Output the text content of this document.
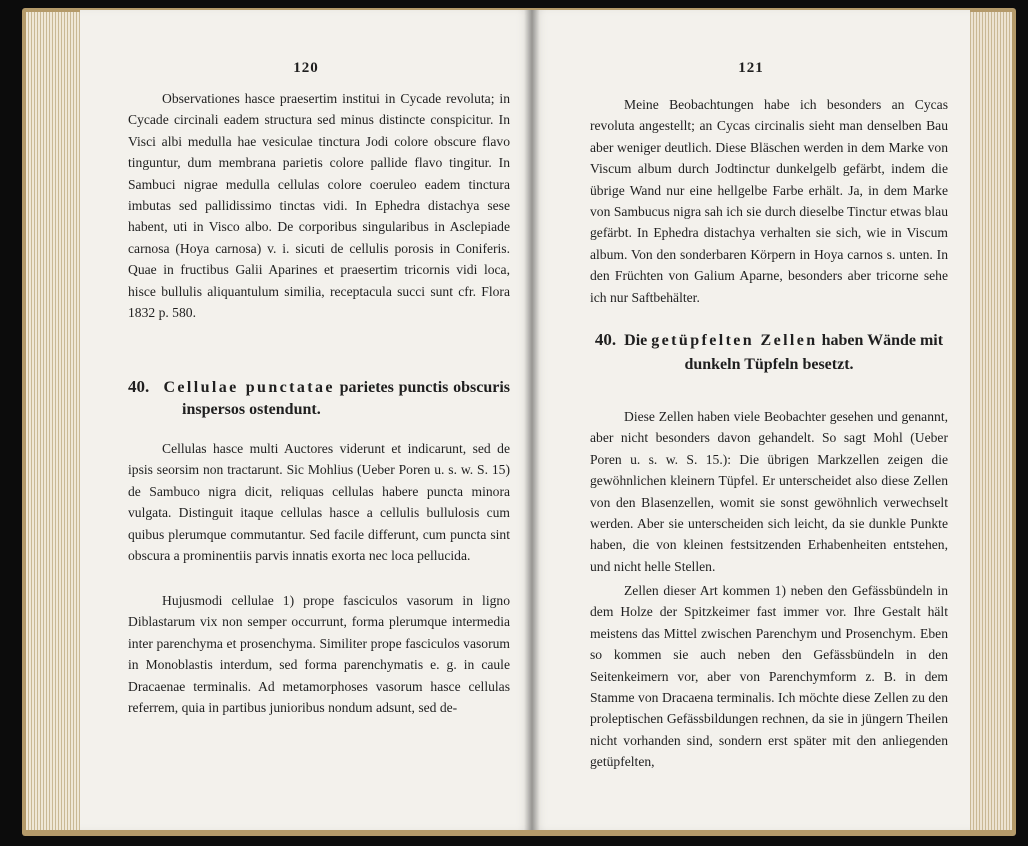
120

Observationes hasce praesertim institui in Cycade revoluta; in Cycade circinali eadem structura sed minus distincte conspicitur. In Visci albi medulla hae vesiculae tinctura Jodi colore obscure flavo tinguntur, dum membrana parietis colore pallide flavo tingitur. In Sambuci nigrae medulla cellulas colore coeruleo eadem tinctura imbutas sed pallidissimo tinctas vidi. In Ephedra distachya sese habent, uti in Visco albo. De corporibus singularibus in Asclepiade carnosa (Hoya carnosa) v. i. sicuti de cellulis porosis in Coniferis. Quae in fructibus Galii Aparines et praesertim tricornis vidi loca, hisce bullulis aliquantulum similia, receptacula succi sunt cfr. Flora 1832 p. 580.

40. Cellulae punctatae parietes punctis obscuris inspersos ostendunt.

Cellulas hasce multi Auctores viderunt et indicarunt, sed de ipsis seorsim non tractarunt. Sic Mohlius (Ueber Poren u. s. w. S. 15) de Sambuco nigra dicit, reliquas cellulas habere puncta minora vulgata. Distinguit itaque cellulas hasce a cellulis bullulosis cum quibus plerumque commutantur. Sed facile differunt, cum puncta sint obscura a prominentiis parvis innatis exorta nec loca pellucida.

Hujusmodi cellulae 1) prope fasciculos vasorum in ligno Diblastarum vix non semper occurrunt, forma plerumque intermedia inter parenchyma et prosenchyma. Similiter prope fasciculos vasorum in Monoblastis interdum, sed forma parenchymatis e. g. in caule Dracaenae terminalis. Ad metamorphoses vasorum hasce cellulas referrem, quia in partibus junioribus nondum adsunt, sed de-

121

Meine Beobachtungen habe ich besonders an Cycas revoluta angestellt; an Cycas circinalis sieht man denselben Bau aber weniger deutlich. Diese Bläschen werden in dem Marke von Viscum album durch Jodtinctur dunkelgelb gefärbt, indem die übrige Wand nur eine hellgelbe Farbe erhält. Ja, in dem Marke von Sambucus nigra sah ich sie durch dieselbe Tinctur etwas blau gefärbt. In Ephedra distachya verhalten sie sich, wie in Viscum album. Von den sonderbaren Körpern in Hoya carnos s. unten. In den Früchten von Galium Aparne, besonders aber tricorne sehe ich nur Saftbehälter.

40. Die getüpfelten Zellen haben Wände mit dunkeln Tüpfeln besetzt.

Diese Zellen haben viele Beobachter gesehen und genannt, aber nicht besonders davon gehandelt. So sagt Mohl (Ueber Poren u. s. w. S. 15.): Die übrigen Markzellen zeigen die gewöhnlichen kleinern Tüpfel. Er unterscheidet also diese Zellen von den Blasenzellen, womit sie sonst gewöhnlich verwechselt werden. Aber sie unterscheiden sich leicht, da sie dunkle Punkte haben, die von kleinen festsitzenden Erhabenheiten entstehen, und nicht helle Stellen.

Zellen dieser Art kommen 1) neben den Gefässbündeln in dem Holze der Spitzkeimer fast immer vor. Ihre Gestalt hält meistens das Mittel zwischen Parenchym und Prosenchym. Eben so kommen sie auch neben den Gefässbündeln in den Seitenkeimern vor, aber von Parenchymform z. B. in dem Stamme von Dracaena terminalis. Ich möchte diese Zellen zu den proleptischen Gefässbildungen rechnen, da sie in jüngern Theilen nicht vorhanden sind, sondern erst später mit den anliegenden getüpfelten,
